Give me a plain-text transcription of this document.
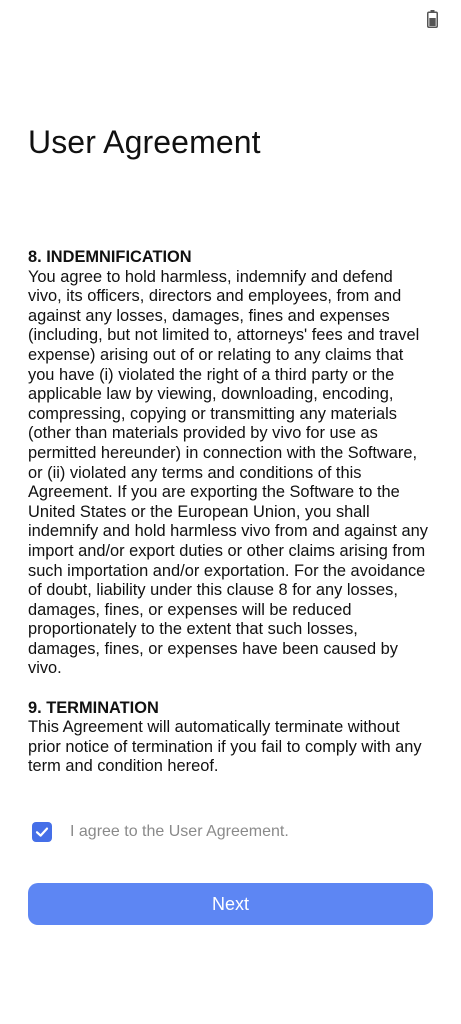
User Agreement

8. INDEMNIFICATION

You agree to hold harmless, indemnify and defend vivo, its officers, directors and employees, from and against any losses, damages, fines and expenses (including, but not limited to, attorneys' fees and travel expense) arising out of or relating to any claims that you have (i) violated the right of a third party or the applicable law by viewing, downloading, encoding, compressing, copying or transmitting any materials (other than materials provided by vivo for use as permitted hereunder) in connection with the Software, or (ii) violated any terms and conditions of this Agreement. If you are exporting the Software to the United States or the European Union, you shall indemnify and hold harmless vivo from and against any import and/or export duties or other claims arising from such importation and/or exportation. For the avoidance of doubt, liability under this clause 8 for any losses, damages, fines, or expenses will be reduced proportionately to the extent that such losses, damages, fines, or expenses have been caused by vivo.

9. TERMINATION

This Agreement will automatically terminate without prior notice of termination if you fail to comply with any term and condition hereof.

I agree to the User Agreement.
Next
